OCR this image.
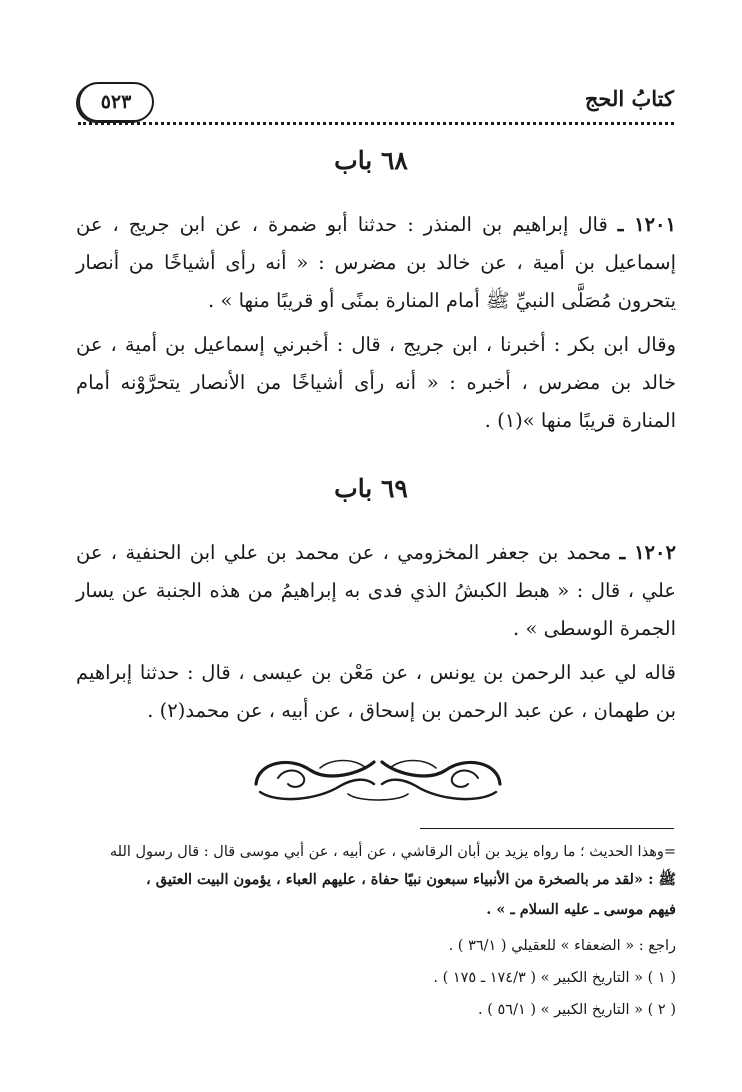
كتابُ الحج
٥٢٣
٦٨ باب
١٢٠١ ـ قال إبراهيم بن المنذر : حدثنا أبو ضمرة ، عن ابن جريج ، عن إسماعيل بن أمية ، عن خالد بن مضرس : « أنه رأى أشياخًا من أنصار يتحرون مُصَلَّى النبيِّ ﷺ أمام المنارة بمنًى أو قريبًا منها » .
وقال ابن بكر : أخبرنا ، ابن جريج ، قال : أخبرني إسماعيل بن أمية ، عن خالد بن مضرس ، أخبره : « أنه رأى أشياخًا من الأنصار يتحرَّوْنه أمام المنارة قريبًا منها »(١) .
٦٩ باب
١٢٠٢ ـ محمد بن جعفر المخزومي ، عن محمد بن علي ابن الحنفية ، عن علي ، قال : « هبط الكبشُ الذي فدى به إبراهيمُ من هذه الجنبة عن يسار الجمرة الوسطى » .
قاله لي عبد الرحمن بن يونس ، عن مَعْن بن عيسى ، قال : حدثنا إبراهيم بن طهمان ، عن عبد الرحمن بن إسحاق ، عن أبيه ، عن محمد(٢) .
=وهذا الحديث ؛ ما رواه يزيد بن أبان الرقاشي ، عن أبيه ، عن أبي موسى قال : قال رسول الله
ﷺ : «لقد مر بالصخرة من الأنبياء سبعون نبيًا حفاة ، عليهم العباء ، يؤمون البيت العتيق ،
فيهم موسى ـ عليه السلام ـ » .
راجع : « الضعفاء » للعقيلي ( ٣٦/١ ) .
( ١ ) « التاريخ الكبير » ( ١٧٤/٣ ـ ١٧٥ ) .
( ٢ ) « التاريخ الكبير » ( ٥٦/١ ) .
